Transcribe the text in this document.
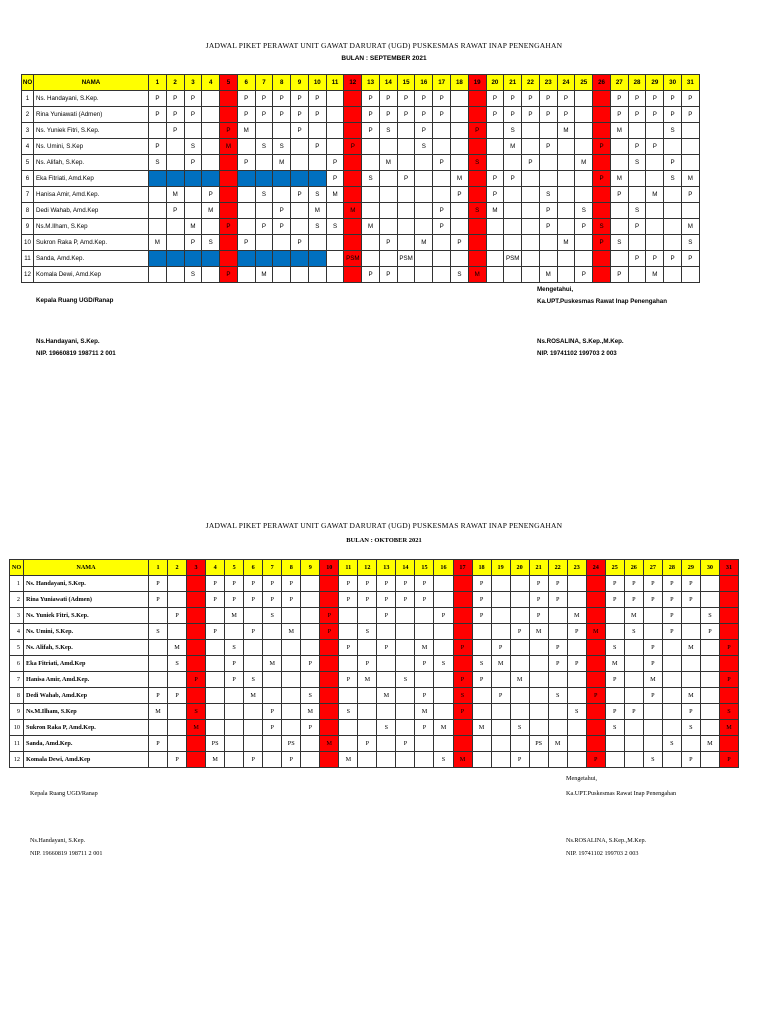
JADWAL PIKET PERAWAT UNIT GAWAT DARURAT (UGD) PUSKESMAS RAWAT INAP PENENGAHAN
BULAN : SEPTEMBER 2021
NO	NAMA	1	2	3	4	5	6	7	8	9	10	11	12	13	14	15	16	17	18	19	20	21	22	23	24	25	26	27	28	29	30	31	
1	Ns. Handayani, S.Kep.	P	P	P			P	P	P	P	P			P	P	P	P	P			P	P	P	P	P			P	P	P	P	P	
2	Rina Yuniawati (Admen)	P	P	P			P	P	P	P	P			P	P	P	P	P			P	P	P	P	P			P	P	P	P	P	
3	Ns. Yuniek Fitri, S.Kep.		P			P	M			P				P	S		P			P		S			M			M			S		
4	Ns. Umini, S.Kep	P		S		M		S	S		P		P				S					M		P			P		P	P			
5	Ns. Alifah, S.Kep.	S		P			P		M			P			M			P		S			P			M			S		P		
6	Eka Fitriati, Amd.Kep											P		S		P			M		P	P					P	M			S	M	
7	Hanisa Amir, Amd.Kep.		M		P			S		P	S	M							P		P			S				P		M		P	
8	Dedi Wahab, Amd.Kep		P		M				P		M		M					P		S	M			P		S			S				
9	Ns.M.Ilham, S.Kep			M		P		P	P		S	S		M				P						P		P	S		P			M	
10	Sukron Raka P, Amd.Kep.	M		P	S		P			P					P		M		P						M		P	S				S	
11	Sanda, Amd.Kep.												PSM			PSM						PSM							P	P	P	P	
12	Komala Dewi, Amd.Kep			S		P		M						P	P				S	M				M		P		P		M			
Kepala Ruang UGD/Ranap
Ns.Handayani, S.Kep.
NIP. 19660819 198711 2 001
Mengetahui,
Ka.UPT.Puskesmas Rawat Inap Penengahan
Ns.ROSALINA, S.Kep.,M.Kep.
NIP. 19741102 199703 2 003
JADWAL PIKET PERAWAT UNIT GAWAT DARURAT (UGD) PUSKESMAS RAWAT INAP PENENGAHAN
BULAN : OKTOBER 2021
NO	NAMA	1	2	3	4	5	6	7	8	9	10	11	12	13	14	15	16	17	18	19	20	21	22	23	24	25	26	27	28	29	30	31
1	Ns. Handayani, S.Kep.	P			P	P	P	P	P			P	P	P	P	P			P			P	P			P	P	P	P	P		
2	Rina Yuniawati (Admen)	P			P	P	P	P	P			P	P	P	P	P			P			P	P			P	P	P	P	P		
3	Ns. Yuniek Fitri, S.Kep.		P			M		S			P			P			P		P			P		M			M		P		S	
4	Ns. Umini, S.Kep.	S			P		P		M		P		S								P	M		P	M		S		P		P	
5	Ns. Alifah, S.Kep.		M			S						P		P		M		P		P			P			S		P		M		P
6	Eka Fitriati, Amd.Kep		S			P		M		P			P			P	S		S	M			P	P		M		P				
7	Hanisa Amir, Amd.Kep.			P		P	S					P	M		S			P	P		M					P		M				P
8	Dedi Wahab, Amd.Kep	P	P				M			S				M		P		S		P			S		P			P		M		
9	Ns.M.Ilham, S.Kep	M		S				P		M		S				M		P						S		P	P			P		S
10	Sukron Raka P, Amd.Kep.			M				P		P				S		P	M		M		S					S				S		M
11	Sanda, Amd.Kep.	P			PS				PS		M		P		P							PS	M						S		M	
12	Komala Dewi, Amd.Kep		P		M		P		P			M					S	M			P				P			S		P		P
Kepala Ruang UGD/Ranap
Ns.Handayani, S.Kep.
NIP. 19660819 198711 2 001
Mengetahui,
Ka.UPT.Puskesmas Rawat Inap Penengahan
Ns.ROSALINA, S.Kep.,M.Kep.
NIP. 19741102 199703 2 003
